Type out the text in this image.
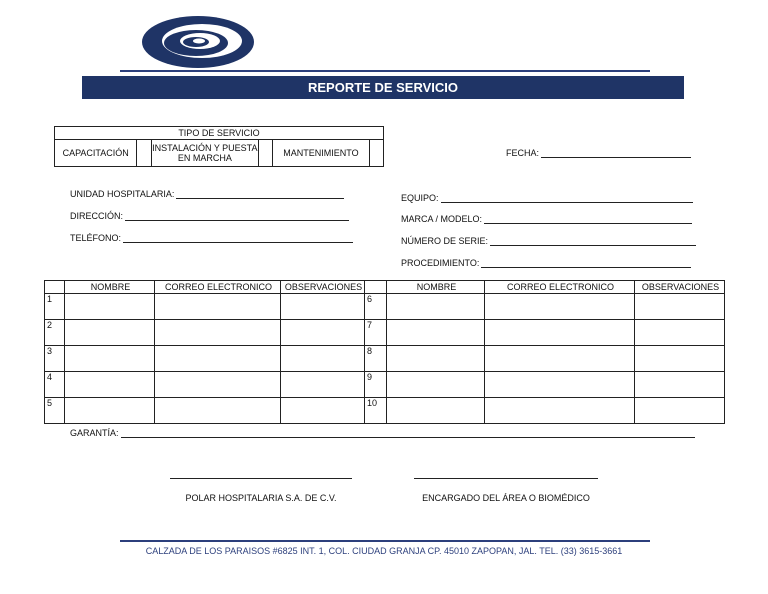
REPORTE DE SERVICIO
TIPO DE SERVICIO
CAPACITACIÓN		INSTALACIÓN Y PUESTA EN MARCHA		MANTENIMIENTO		FECHA:
UNIDAD HOSPITALARIA:
DIRECCIÓN:
TELÉFONO:
EQUIPO:
MARCA / MODELO:
NÚMERO DE SERIE:
PROCEDIMIENTO:
	NOMBRE	CORREO ELECTRONICO	OBSERVACIONES		NOMBRE	CORREO ELECTRONICO	OBSERVACIONES
1				6			
2				7			
3				8			
4				9			
5				10			
GARANTÍA:
POLAR HOSPITALARIA S.A. DE C.V.	ENCARGADO DEL ÁREA O BIOMÉDICO
CALZADA DE LOS PARAISOS #6825 INT. 1, COL. CIUDAD GRANJA CP. 45010 ZAPOPAN, JAL. TEL. (33) 3615-3661
